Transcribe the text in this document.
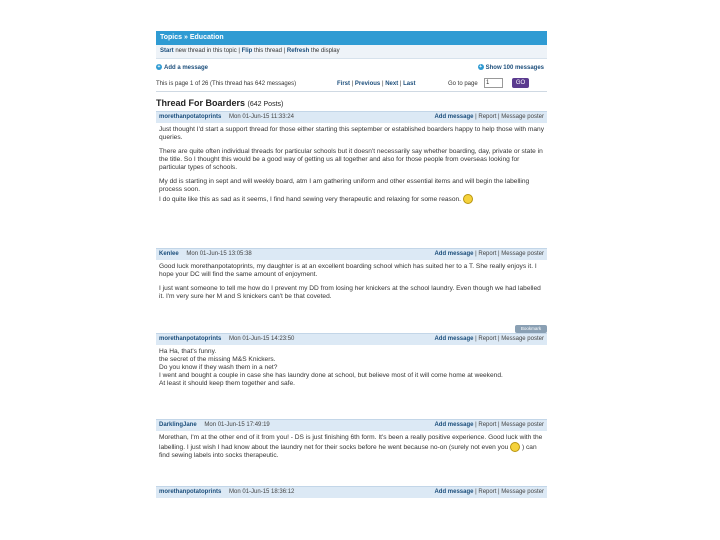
Topics » Education
Start new thread in this topic | Flip this thread | Refresh the display
+ Add a message	+ Show 100 messages
This is page 1 of 26 (This thread has 642 messages)	First | Previous | Next | Last	Go to page	1	GO
Thread For Boarders (642 Posts)
morethanpotatoprints Mon 01-Jun-15 11:33:24	Add message | Report | Message poster

Just thought I'd start a support thread for those either starting this september or established boarders happy to help those with many queries.

There are quite often individual threads for particular schools but it doesn't necessarily say whether boarding, day, private or state in the title. So I thought this would be a good way of getting us all together and also for those people from overseas looking for particular types of schools.

My dd is starting in sept and will weekly board, atm I am gathering uniform and other essential items and will begin the labelling process soon.
I do quite like this as sad as it seems, I find hand sewing very therapeutic and relaxing for some reason.

Kenlee Mon 01-Jun-15 13:05:38	Add message | Report | Message poster

Good luck morethanpotatoprints, my daughter is at an excellent boarding school which has suited her to a T. She really enjoys it. I hope your DC will find the same amount of enjoyment.

I just want someone to tell me how do I prevent my DD from losing her knickers at the school laundry. Even though we had labelled it. I'm very sure her M and S knickers can't be that coveted.

Bookmark
morethanpotatoprints Mon 01-Jun-15 14:23:50	Add message | Report | Message poster

Ha Ha, that's funny.
the secret of the missing M&S Knickers.
Do you know if they wash them in a net?
I went and bought a couple in case she has laundry done at school, but believe most of it will come home at weekend.
At least it should keep them together and safe.

DarklingJane Mon 01-Jun-15 17:49:19	Add message | Report | Message poster

Morethan, I'm at the other end of it from you! - DS is just finishing 6th form. It's been a really positive experience. Good luck with the labelling. I just wish I had know about the laundry net for their socks before he went because no-on (surely not even you  ) can find sewing labels into socks therapeutic.

morethanpotatoprints Mon 01-Jun-15 18:36:12	Add message | Report | Message poster
